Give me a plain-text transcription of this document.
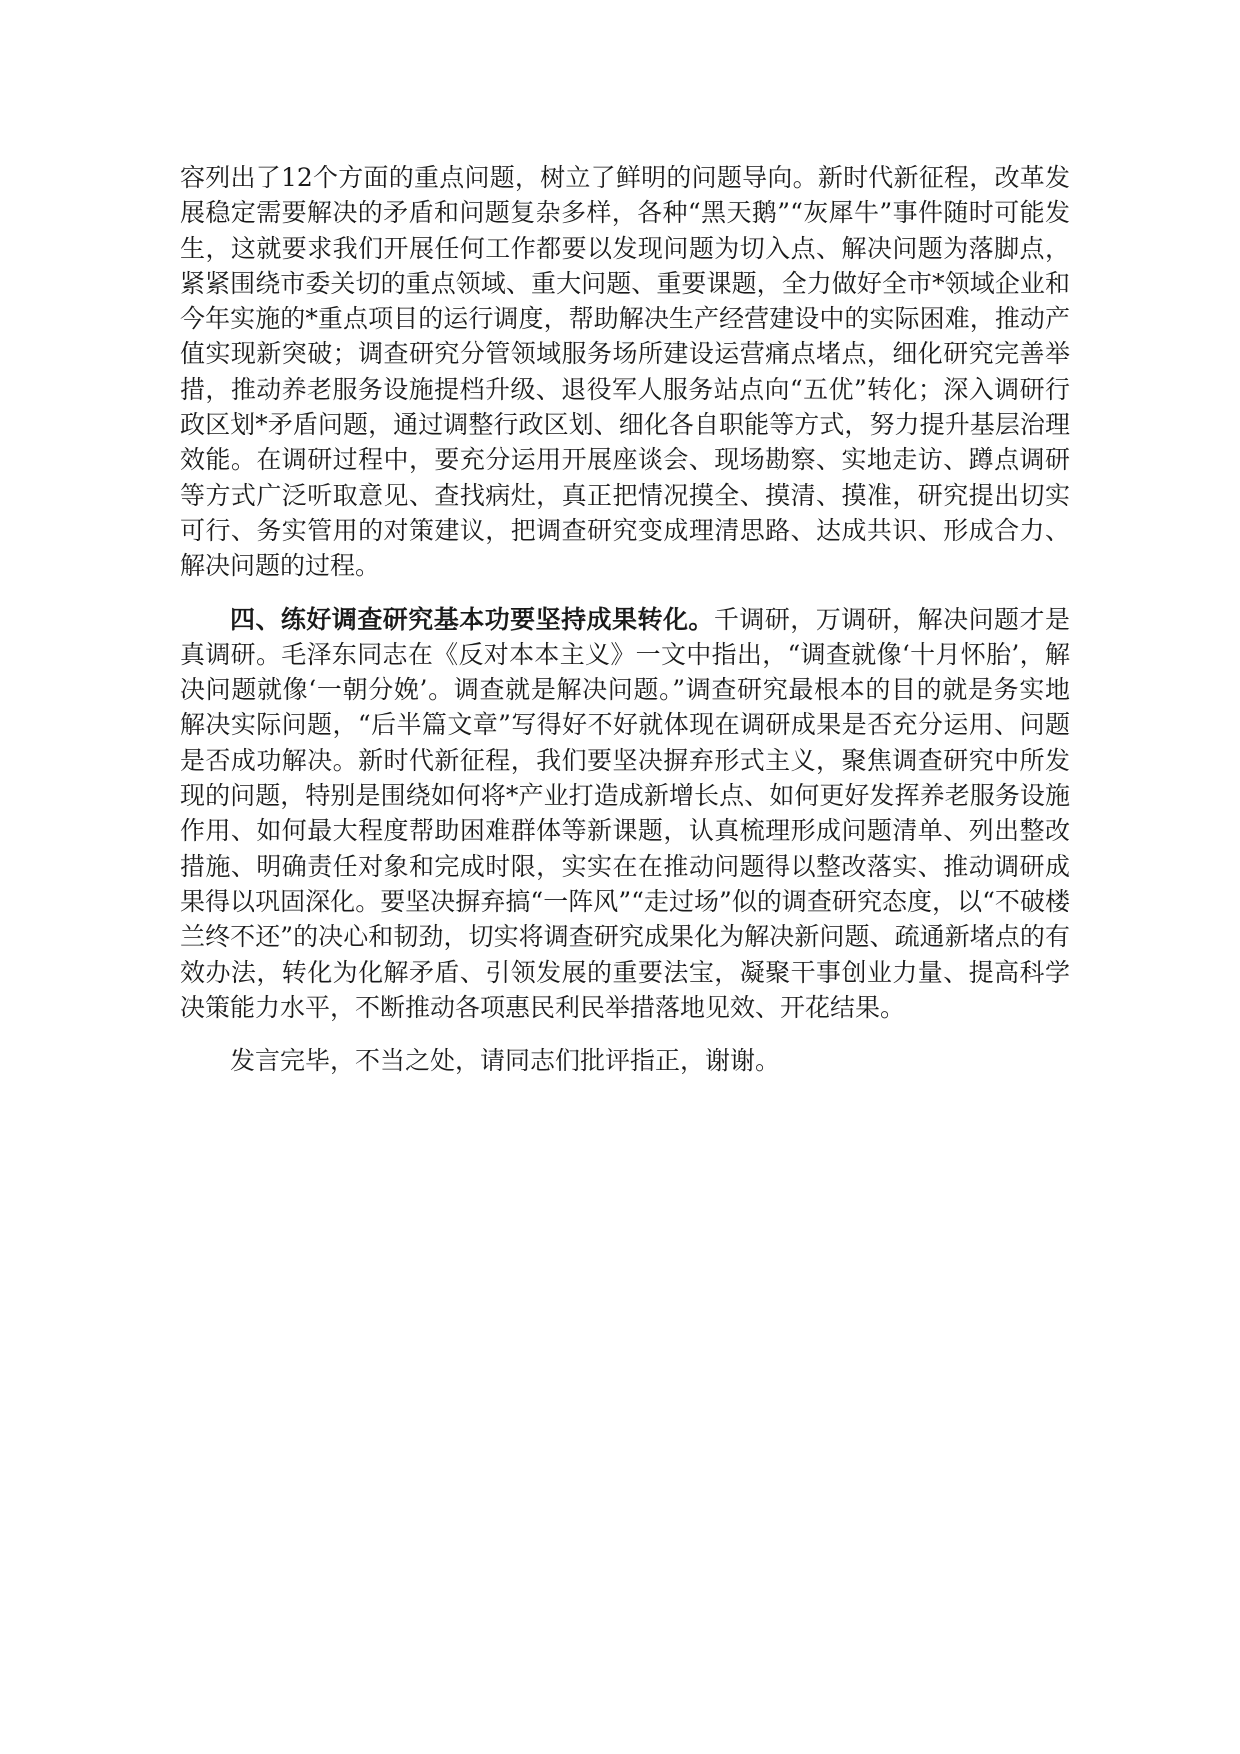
容列出了12个方面的重点问题，树立了鲜明的问题导向。新时代新征程，改革发展稳定需要解决的矛盾和问题复杂多样，各种“黑天鹅”“灰犀牛”事件随时可能发生，这就要求我们开展任何工作都要以发现问题为切入点、解决问题为落脚点，紧紧围绕市委关切的重点领域、重大问题、重要课题，全力做好全市*领域企业和今年实施的*重点项目的运行调度，帮助解决生产经营建设中的实际困难，推动产值实现新突破；调查研究分管领域服务场所建设运营痛点堵点，细化研究完善举措，推动养老服务设施提档升级、退役军人服务站点向“五优”转化；深入调研行政区划*矛盾问题，通过调整行政区划、细化各自职能等方式，努力提升基层治理效能。在调研过程中，要充分运用开展座谈会、现场勘察、实地走访、蹲点调研等方式广泛听取意见、查找病灶，真正把情况摸全、摸清、摸准，研究提出切实可行、务实管用的对策建议，把调查研究变成理清思路、达成共识、形成合力、解决问题的过程。

四、练好调查研究基本功要坚持成果转化。千调研，万调研，解决问题才是真调研。毛泽东同志在《反对本本主义》一文中指出，“调查就像‘十月怀胎’，解决问题就像‘一朝分娩’。调查就是解决问题。”调查研究最根本的目的就是务实地解决实际问题，“后半篇文章”写得好不好就体现在调研成果是否充分运用、问题是否成功解决。新时代新征程，我们要坚决摒弃形式主义，聚焦调查研究中所发现的问题，特别是围绕如何将*产业打造成新增长点、如何更好发挥养老服务设施作用、如何最大程度帮助困难群体等新课题，认真梳理形成问题清单、列出整改措施、明确责任对象和完成时限，实实在在推动问题得以整改落实、推动调研成果得以巩固深化。要坚决摒弃搞“一阵风”“走过场”似的调查研究态度，以“不破楼兰终不还”的决心和韧劲，切实将调查研究成果化为解决新问题、疏通新堵点的有效办法，转化为化解矛盾、引领发展的重要法宝，凝聚干事创业力量、提高科学决策能力水平，不断推动各项惠民利民举措落地见效、开花结果。

发言完毕，不当之处，请同志们批评指正，谢谢。
